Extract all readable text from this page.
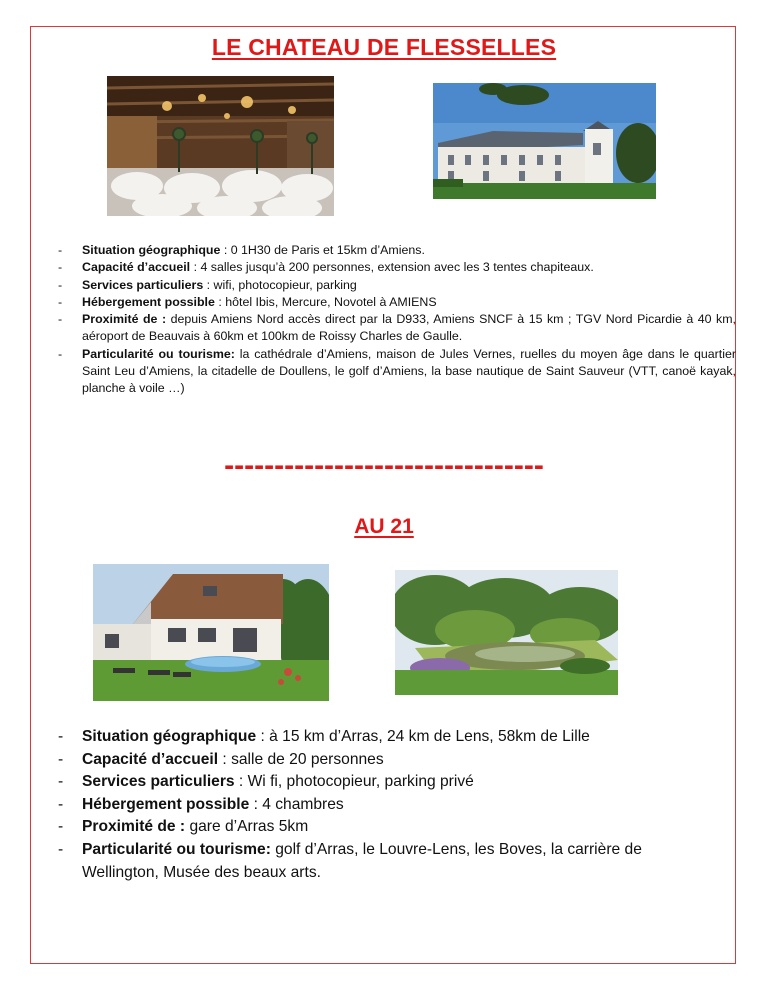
LE CHATEAU DE FLESSELLES
- Situation géographique : 0 1H30 de Paris et 15km d’Amiens.
- Capacité d’accueil : 4 salles jusqu’à 200 personnes, extension avec les 3 tentes chapiteaux.
- Services particuliers : wifi, photocopieur, parking
- Hébergement possible : hôtel Ibis, Mercure, Novotel à AMIENS
- Proximité de : depuis Amiens Nord accès direct par la D933, Amiens SNCF à 15 km ; TGV Nord Picardie à 40 km, aéroport de Beauvais à 60km et 100km de Roissy Charles de Gaulle.
- Particularité ou tourisme: la cathédrale d’Amiens, maison de Jules Vernes, ruelles du moyen âge dans le quartier Saint Leu d’Amiens, la citadelle de Doullens, le golf d’Amiens, la base nautique de Saint Sauveur (VTT, canoë kayak, planche à voile …)
--------------------------------
AU 21
- Situation géographique : à 15 km d’Arras, 24 km de Lens, 58km de Lille
- Capacité d’accueil : salle de 20 personnes
- Services particuliers : Wi fi, photocopieur, parking privé
- Hébergement possible : 4 chambres
- Proximité de : gare d’Arras 5km
- Particularité ou tourisme: golf d’Arras, le Louvre-Lens, les Boves, la carrière de Wellington, Musée des beaux arts.
